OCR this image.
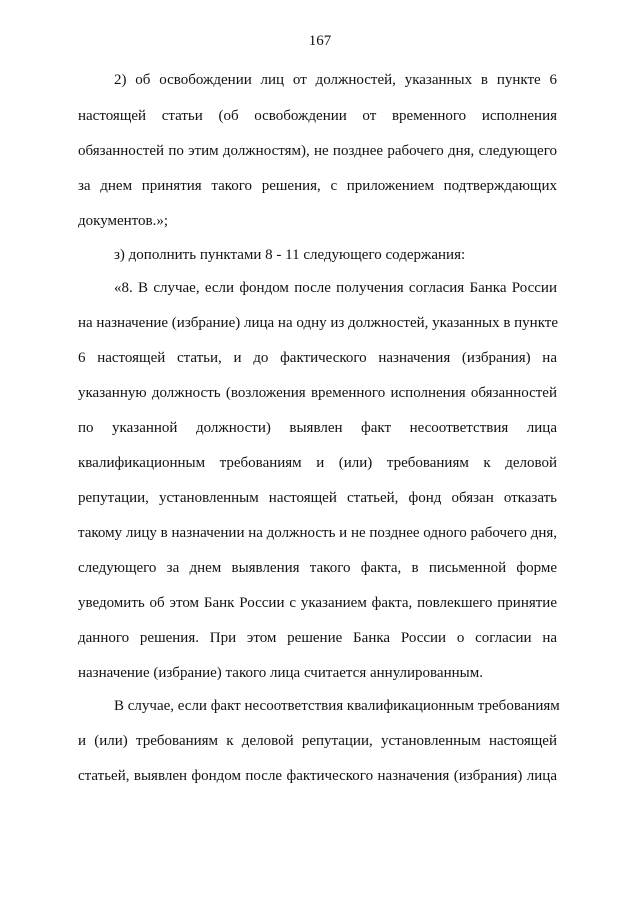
167
2) об освобождении лиц от должностей, указанных в пункте 6
настоящей статьи (об освобождении от временного исполнения
обязанностей по этим должностям), не позднее рабочего дня, следующего
за днем принятия такого решения, с приложением подтверждающих
документов.»;
з) дополнить пунктами 8 - 11 следующего содержания:
«8. В случае, если фондом после получения согласия Банка России
на назначение (избрание) лица на одну из должностей, указанных в пункте
6 настоящей статьи, и до фактического назначения (избрания) на
указанную должность (возложения временного исполнения обязанностей
по указанной должности) выявлен факт несоответствия лица
квалификационным требованиям и (или) требованиям к деловой
репутации, установленным настоящей статьей, фонд обязан отказать
такому лицу в назначении на должность и не позднее одного рабочего дня,
следующего за днем выявления такого факта, в письменной форме
уведомить об этом Банк России с указанием факта, повлекшего принятие
данного решения. При этом решение Банка России о согласии на
назначение (избрание) такого лица считается аннулированным.
В случае, если факт несоответствия квалификационным требованиям
и (или) требованиям к деловой репутации, установленным настоящей
статьей, выявлен фондом после фактического назначения (избрания) лица
